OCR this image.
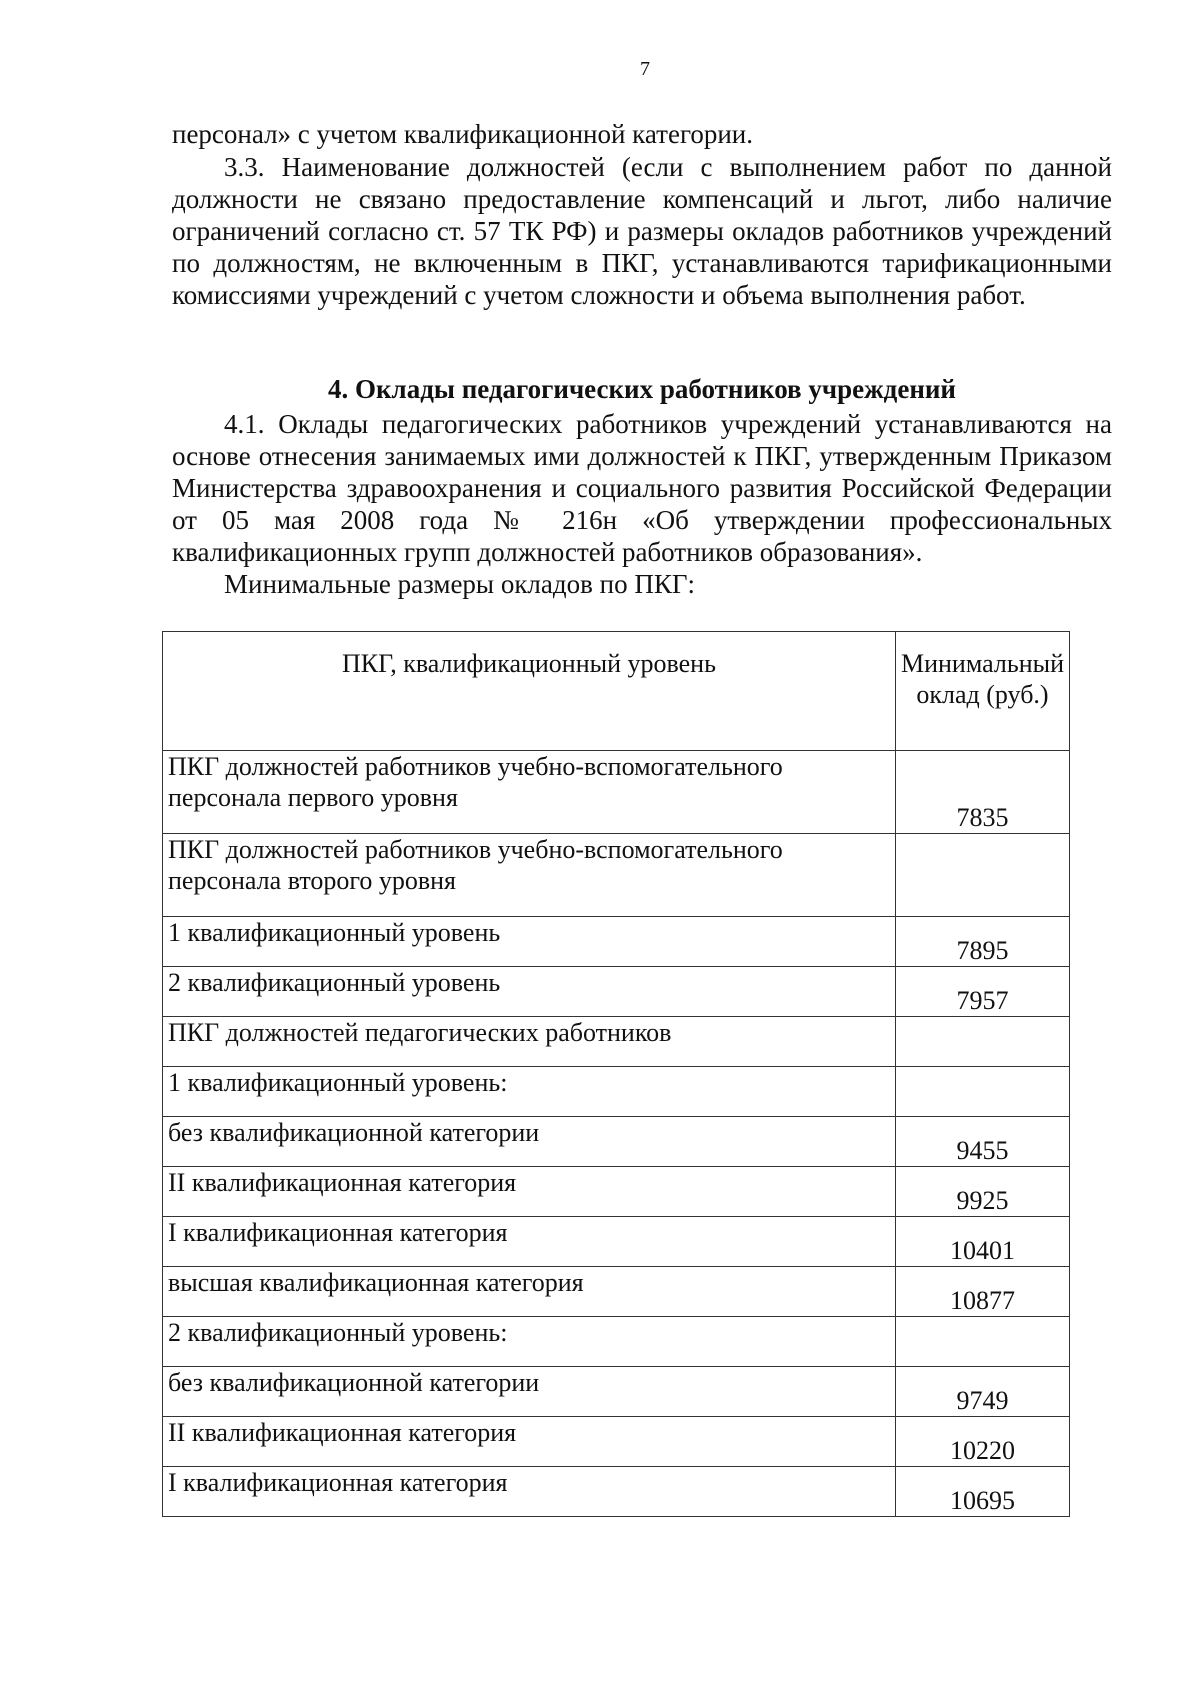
7

персонал» с учетом квалификационной категории.

3.3. Наименование должностей (если с выполнением работ по данной должности не связано предоставление компенсаций и льгот, либо наличие ограничений согласно ст. 57 ТК РФ) и размеры окладов работников учреждений по должностям, не включенным в ПКГ, устанавливаются тарификационными комиссиями учреждений с учетом сложности и объема выполнения работ.

4. Оклады педагогических работников учреждений

4.1. Оклады педагогических работников учреждений устанавливаются на основе отнесения занимаемых ими должностей к ПКГ, утвержденным Приказом Министерства здравоохранения и социального развития Российской Федерации от 05 мая 2008 года № 216н «Об утверждении профессиональных квалификационных групп должностей работников образования».

Минимальные размеры окладов по ПКГ:

ПКГ, квалификационный уровень	Минимальный оклад (руб.)
ПКГ должностей работников учебно-вспомогательного персонала первого уровня	7835
ПКГ должностей работников учебно-вспомогательного персонала второго уровня	
1 квалификационный уровень	7895
2 квалификационный уровень	7957
ПКГ должностей педагогических работников	
1 квалификационный уровень:	
без квалификационной категории	9455
II квалификационная категория	9925
I квалификационная категория	10401
высшая квалификационная категория	10877
2 квалификационный уровень:	
без квалификационной категории	9749
II квалификационная категория	10220
I квалификационная категория	10695
